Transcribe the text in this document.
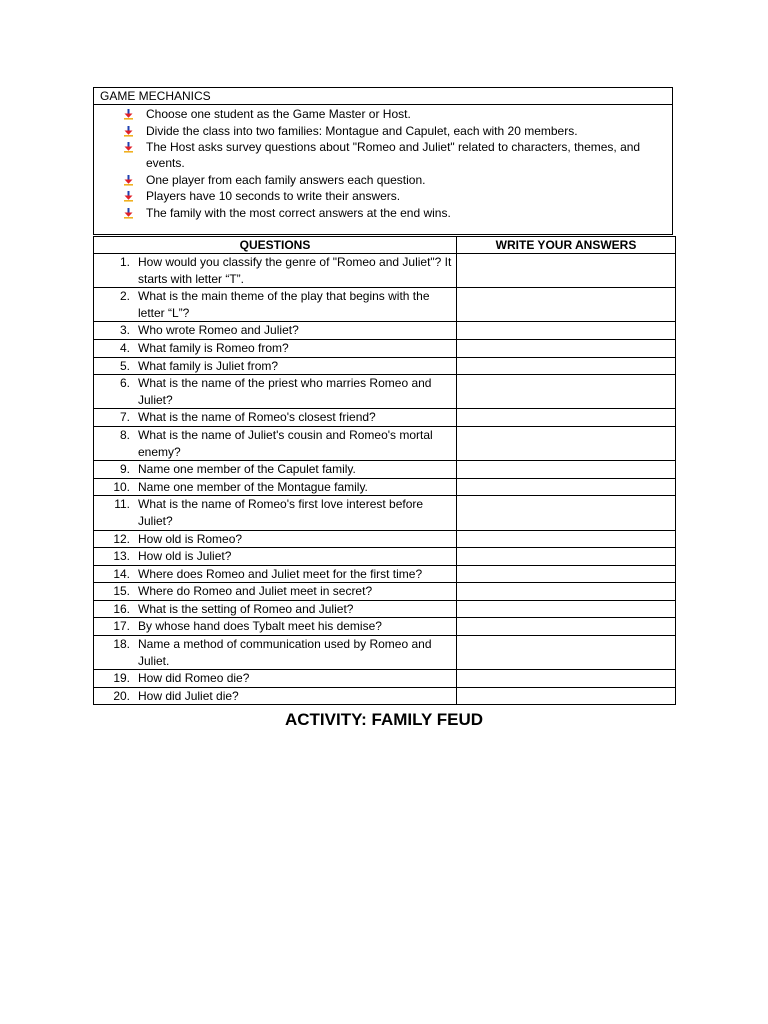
GAME MECHANICS
Choose one student as the Game Master or Host.
Divide the class into two families: Montague and Capulet, each with 20 members.
The Host asks survey questions about "Romeo and Juliet" related to characters, themes, and events.
One player from each family answers each question.
Players have 10 seconds to write their answers.
The family with the most correct answers at the end wins.
QUESTIONS	WRITE YOUR ANSWERS

1. How would you classify the genre of "Romeo and Juliet"? It starts with letter “T”.	

2. What is the main theme of the play that begins with the letter “L”?	

3. Who wrote Romeo and Juliet?	

4. What family is Romeo from?	

5. What family is Juliet from?	

6. What is the name of the priest who marries Romeo and Juliet?	

7. What is the name of Romeo's closest friend?	

8. What is the name of Juliet's cousin and Romeo's mortal enemy?	

9. Name one member of the Capulet family.	

10. Name one member of the Montague family.	

11. What is the name of Romeo's first love interest before Juliet?	

12. How old is Romeo?	

13. How old is Juliet?	

14. Where does Romeo and Juliet meet for the first time?	

15. Where do Romeo and Juliet meet in secret?	

16. What is the setting of Romeo and Juliet?	

17. By whose hand does Tybalt meet his demise?	

18. Name a method of communication used by Romeo and Juliet.	

19. How did Romeo die?	

20. How did Juliet die?	

ACTIVITY: FAMILY FEUD
